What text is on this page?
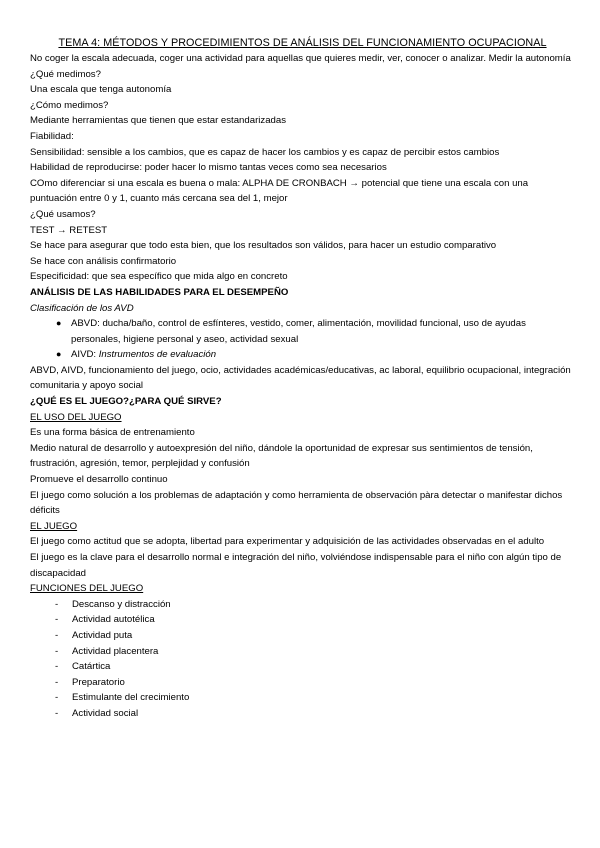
TEMA 4: MÉTODOS Y PROCEDIMIENTOS DE ANÁLISIS DEL FUNCIONAMIENTO OCUPACIONAL

No coger la escala adecuada, coger una actividad para aquellas que quieres medir, ver, conocer o analizar. Medir la autonomía

¿Qué medimos?

Una escala que tenga autonomía

¿Cómo medimos?

Mediante herramientas que tienen que estar estandarizadas

Fiabilidad:

Sensibilidad: sensible a los cambios, que es capaz de hacer los cambios y es capaz de percibir estos cambios

Habilidad de reproducirse: poder hacer lo mismo tantas veces como sea necesarios

COmo diferenciar si una escala es buena o mala: ALPHA DE CRONBACH → potencial que tiene una escala con una puntuación entre 0 y 1, cuanto más cercana sea del 1, mejor

¿Qué usamos?

TEST → RETEST

Se hace para asegurar que todo esta bien, que los resultados son válidos, para hacer un estudio comparativo

Se hace con análisis confirmatorio

Especificidad: que sea específico que mida algo en concreto

ANÁLISIS DE LAS HABILIDADES PARA EL DESEMPEÑO

Clasificación de los AVD

● ABVD: ducha/baño, control de esfínteres, vestido, comer, alimentación, movilidad funcional, uso de ayudas personales, higiene personal y aseo, actividad sexual
● AIVD: Instrumentos de evaluación

ABVD, AIVD, funcionamiento del juego, ocio, actividades académicas/educativas, ac laboral, equilibrio ocupacional, integración comunitaria y apoyo social

¿QUÉ ES EL JUEGO?¿PARA QUÉ SIRVE?

EL USO DEL JUEGO

Es una forma básica de entrenamiento

Medio natural de desarrollo y autoexpresión del niño, dándole la oportunidad de expresar sus sentimientos de tensión, frustración, agresión, temor, perplejidad y confusión

Promueve el desarrollo continuo

El juego como solución a los problemas de adaptación y como herramienta de observación pàra detectar o manifestar dichos déficits

EL JUEGO

El juego como actitud que se adopta, libertad para experimentar y adquisición de las actividades observadas en el adulto

El juego es la clave para el desarrollo normal e integración del niño, volviéndose indispensable para el niño con algún tipo de discapacidad

FUNCIONES DEL JUEGO

- Descanso y distracción
- Actividad autotélica
- Actividad puta
- Actividad placentera
- Catártica
- Preparatorio
- Estimulante del crecimiento
- Actividad social
